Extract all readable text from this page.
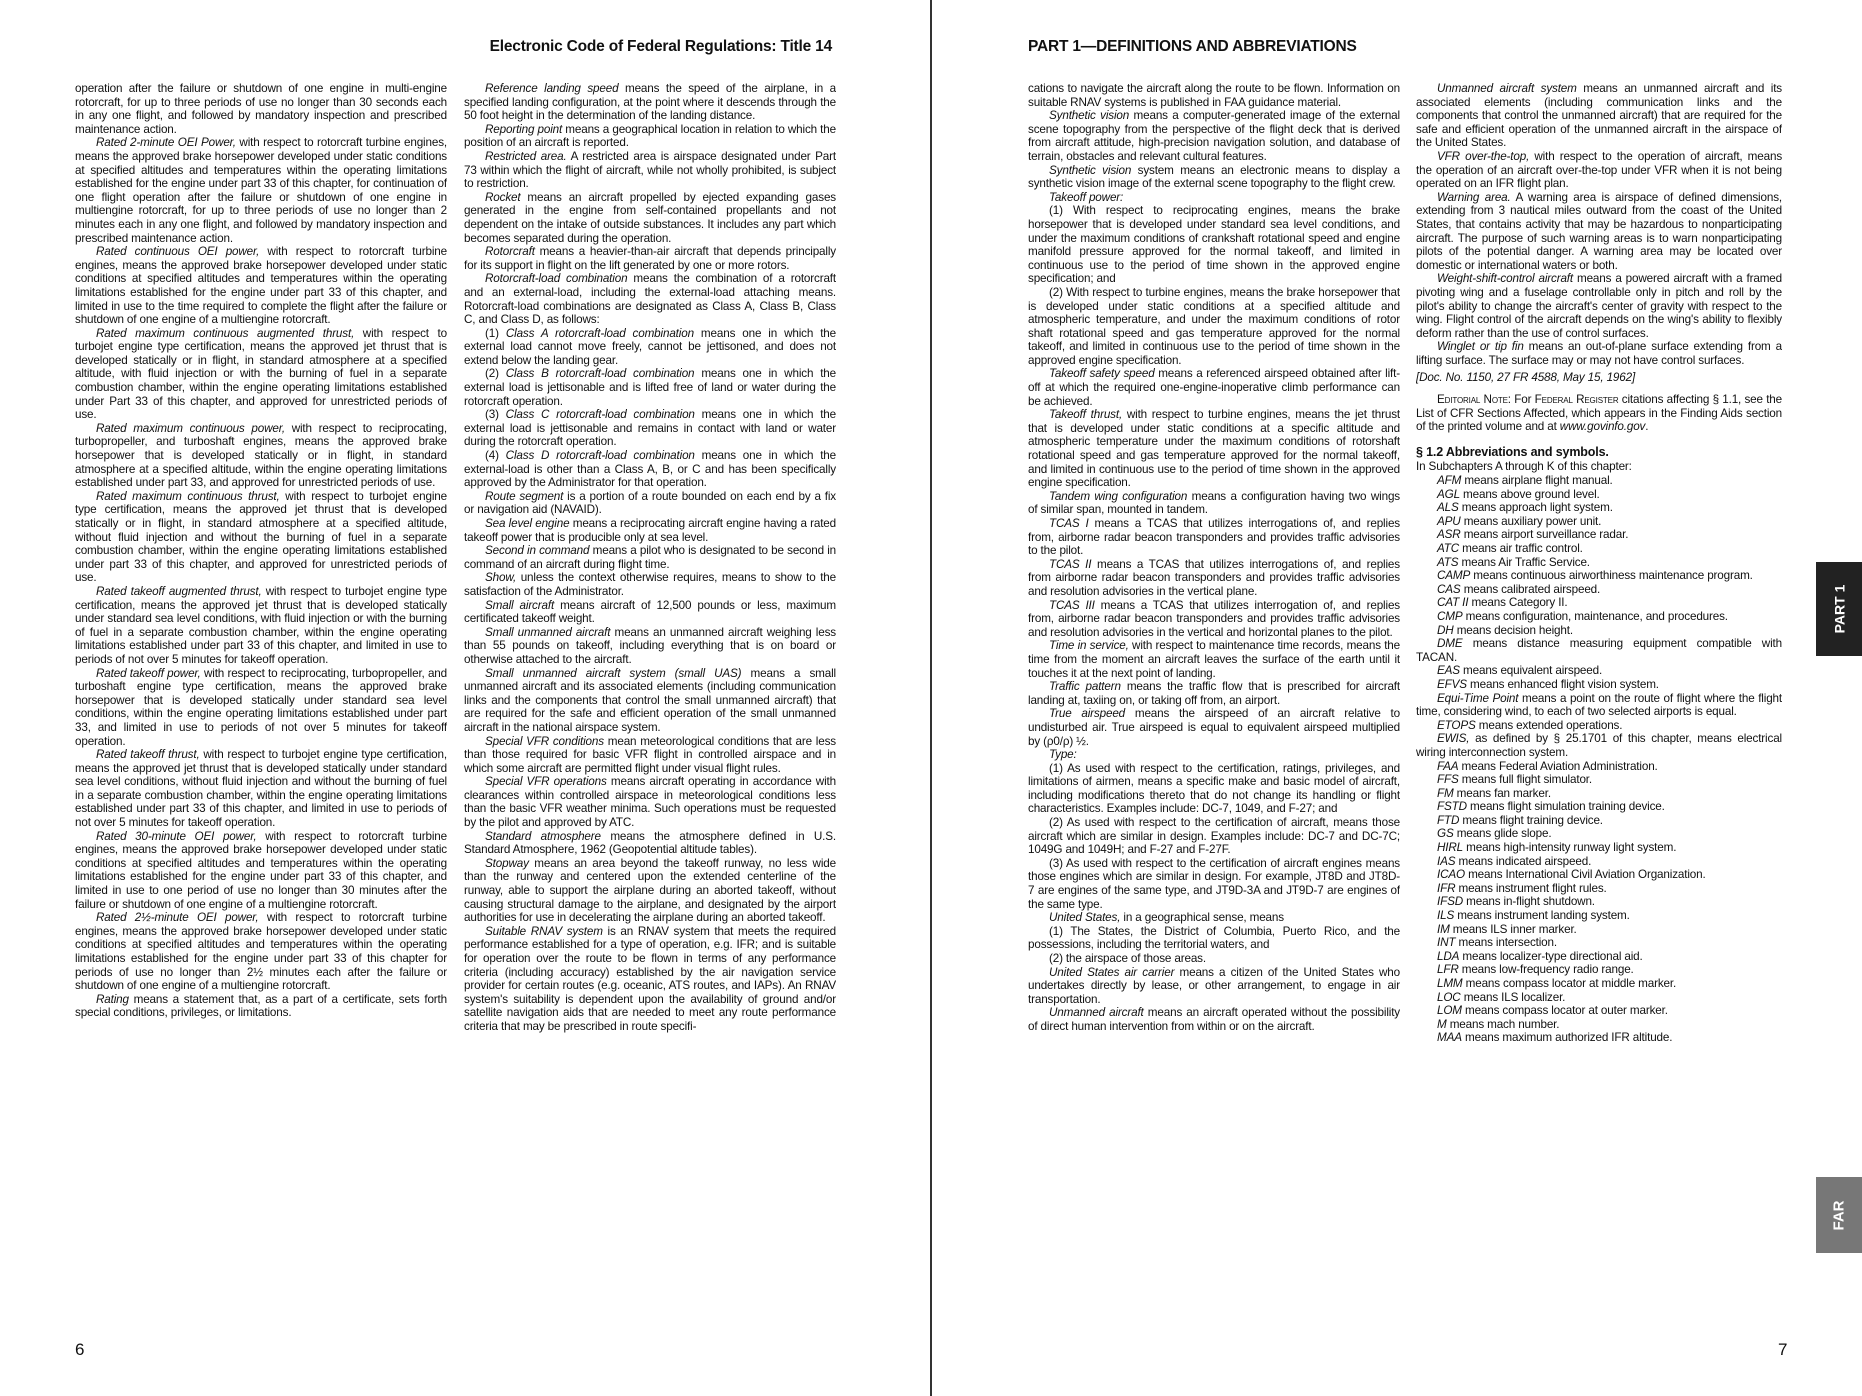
Electronic Code of Federal Regulations: Title 14

operation after the failure or shutdown of one engine in multi-engine rotorcraft, for up to three periods of use no longer than 30 seconds each in any one flight, and followed by mandatory inspection and prescribed maintenance action.

Rated 2-minute OEI Power, with respect to rotorcraft turbine engines, means the approved brake horsepower developed under static conditions at specified altitudes and temperatures within the operating limitations established for the engine under part 33 of this chapter, for continuation of one flight operation after the failure or shutdown of one engine in multiengine rotorcraft, for up to three periods of use no longer than 2 minutes each in any one flight, and followed by mandatory inspection and prescribed maintenance action.

Rated continuous OEI power, with respect to rotorcraft turbine engines, means the approved brake horsepower developed under static conditions at specified altitudes and temperatures within the operating limitations established for the engine under part 33 of this chapter, and limited in use to the time required to complete the flight after the failure or shutdown of one engine of a multiengine rotorcraft.

Rated maximum continuous augmented thrust, with respect to turbojet engine type certification, means the approved jet thrust that is developed statically or in flight, in standard atmosphere at a specified altitude, with fluid injection or with the burning of fuel in a separate combustion chamber, within the engine operating limitations established under Part 33 of this chapter, and approved for unrestricted periods of use.

Rated maximum continuous power, with respect to reciprocating, turbopropeller, and turboshaft engines, means the approved brake horsepower that is developed statically or in flight, in standard atmosphere at a specified altitude, within the engine operating limitations established under part 33, and approved for unrestricted periods of use.

Rated maximum continuous thrust, with respect to turbojet engine type certification, means the approved jet thrust that is developed statically or in flight, in standard atmosphere at a specified altitude, without fluid injection and without the burning of fuel in a separate combustion chamber, within the engine operating limitations established under part 33 of this chapter, and approved for unrestricted periods of use.

Rated takeoff augmented thrust, with respect to turbojet engine type certification, means the approved jet thrust that is developed statically under standard sea level conditions, with fluid injection or with the burning of fuel in a separate combustion chamber, within the engine operating limitations established under part 33 of this chapter, and limited in use to periods of not over 5 minutes for takeoff operation.

Rated takeoff power, with respect to reciprocating, turbopropeller, and turboshaft engine type certification, means the approved brake horsepower that is developed statically under standard sea level conditions, within the engine operating limitations established under part 33, and limited in use to periods of not over 5 minutes for takeoff operation.

Rated takeoff thrust, with respect to turbojet engine type certification, means the approved jet thrust that is developed statically under standard sea level conditions, without fluid injection and without the burning of fuel in a separate combustion chamber, within the engine operating limitations established under part 33 of this chapter, and limited in use to periods of not over 5 minutes for takeoff operation.

Rated 30-minute OEI power, with respect to rotorcraft turbine engines, means the approved brake horsepower developed under static conditions at specified altitudes and temperatures within the operating limitations established for the engine under part 33 of this chapter, and limited in use to one period of use no longer than 30 minutes after the failure or shutdown of one engine of a multiengine rotorcraft.

Rated 2½-minute OEI power, with respect to rotorcraft turbine engines, means the approved brake horsepower developed under static conditions at specified altitudes and temperatures within the operating limitations established for the engine under part 33 of this chapter for periods of use no longer than 2½ minutes each after the failure or shutdown of one engine of a multiengine rotorcraft.

Rating means a statement that, as a part of a certificate, sets forth special conditions, privileges, or limitations.

Reference landing speed means the speed of the airplane, in a specified landing configuration, at the point where it descends through the 50 foot height in the determination of the landing distance.

Reporting point means a geographical location in relation to which the position of an aircraft is reported.

Restricted area. A restricted area is airspace designated under Part 73 within which the flight of aircraft, while not wholly prohibited, is subject to restriction.

Rocket means an aircraft propelled by ejected expanding gases generated in the engine from self-contained propellants and not dependent on the intake of outside substances. It includes any part which becomes separated during the operation.

Rotorcraft means a heavier-than-air aircraft that depends principally for its support in flight on the lift generated by one or more rotors.

Rotorcraft-load combination means the combination of a rotorcraft and an external-load, including the external-load attaching means. Rotorcraft-load combinations are designated as Class A, Class B, Class C, and Class D, as follows:

(1) Class A rotorcraft-load combination means one in which the external load cannot move freely, cannot be jettisoned, and does not extend below the landing gear.

(2) Class B rotorcraft-load combination means one in which the external load is jettisonable and is lifted free of land or water during the rotorcraft operation.

(3) Class C rotorcraft-load combination means one in which the external load is jettisonable and remains in contact with land or water during the rotorcraft operation.

(4) Class D rotorcraft-load combination means one in which the external-load is other than a Class A, B, or C and has been specifically approved by the Administrator for that operation.

Route segment is a portion of a route bounded on each end by a fix or navigation aid (NAVAID).

Sea level engine means a reciprocating aircraft engine having a rated takeoff power that is producible only at sea level.

Second in command means a pilot who is designated to be second in command of an aircraft during flight time.

Show, unless the context otherwise requires, means to show to the satisfaction of the Administrator.

Small aircraft means aircraft of 12,500 pounds or less, maximum certificated takeoff weight.

Small unmanned aircraft means an unmanned aircraft weighing less than 55 pounds on takeoff, including everything that is on board or otherwise attached to the aircraft.

Small unmanned aircraft system (small UAS) means a small unmanned aircraft and its associated elements (including communication links and the components that control the small unmanned aircraft) that are required for the safe and efficient operation of the small unmanned aircraft in the national airspace system.

Special VFR conditions mean meteorological conditions that are less than those required for basic VFR flight in controlled airspace and in which some aircraft are permitted flight under visual flight rules.

Special VFR operations means aircraft operating in accordance with clearances within controlled airspace in meteorological conditions less than the basic VFR weather minima. Such operations must be requested by the pilot and approved by ATC.

Standard atmosphere means the atmosphere defined in U.S. Standard Atmosphere, 1962 (Geopotential altitude tables).

Stopway means an area beyond the takeoff runway, no less wide than the runway and centered upon the extended centerline of the runway, able to support the airplane during an aborted takeoff, without causing structural damage to the airplane, and designated by the airport authorities for use in decelerating the airplane during an aborted takeoff.

Suitable RNAV system is an RNAV system that meets the required performance established for a type of operation, e.g. IFR; and is suitable for operation over the route to be flown in terms of any performance criteria (including accuracy) established by the air navigation service provider for certain routes (e.g. oceanic, ATS routes, and IAPs). An RNAV system's suitability is dependent upon the availability of ground and/or satellite navigation aids that are needed to meet any route performance criteria that may be prescribed in route specifi-

6
PART 1—DEFINITIONS AND ABBREVIATIONS

cations to navigate the aircraft along the route to be flown. Information on suitable RNAV systems is published in FAA guidance material.

Synthetic vision means a computer-generated image of the external scene topography from the perspective of the flight deck that is derived from aircraft attitude, high-precision navigation solution, and database of terrain, obstacles and relevant cultural features.

Synthetic vision system means an electronic means to display a synthetic vision image of the external scene topography to the flight crew.

Takeoff power:

(1) With respect to reciprocating engines, means the brake horsepower that is developed under standard sea level conditions, and under the maximum conditions of crankshaft rotational speed and engine manifold pressure approved for the normal takeoff, and limited in continuous use to the period of time shown in the approved engine specification; and

(2) With respect to turbine engines, means the brake horsepower that is developed under static conditions at a specified altitude and atmospheric temperature, and under the maximum conditions of rotor shaft rotational speed and gas temperature approved for the normal takeoff, and limited in continuous use to the period of time shown in the approved engine specification.

Takeoff safety speed means a referenced airspeed obtained after lift-off at which the required one-engine-inoperative climb performance can be achieved.

Takeoff thrust, with respect to turbine engines, means the jet thrust that is developed under static conditions at a specific altitude and atmospheric temperature under the maximum conditions of rotorshaft rotational speed and gas temperature approved for the normal takeoff, and limited in continuous use to the period of time shown in the approved engine specification.

Tandem wing configuration means a configuration having two wings of similar span, mounted in tandem.

TCAS I means a TCAS that utilizes interrogations of, and replies from, airborne radar beacon transponders and provides traffic advisories to the pilot.

TCAS II means a TCAS that utilizes interrogations of, and replies from airborne radar beacon transponders and provides traffic advisories and resolution advisories in the vertical plane.

TCAS III means a TCAS that utilizes interrogation of, and replies from, airborne radar beacon transponders and provides traffic advisories and resolution advisories in the vertical and horizontal planes to the pilot.

Time in service, with respect to maintenance time records, means the time from the moment an aircraft leaves the surface of the earth until it touches it at the next point of landing.

Traffic pattern means the traffic flow that is prescribed for aircraft landing at, taxiing on, or taking off from, an airport.

True airspeed means the airspeed of an aircraft relative to undisturbed air. True airspeed is equal to equivalent airspeed multiplied by (ρ0/ρ) ½.

Type:

(1) As used with respect to the certification, ratings, privileges, and limitations of airmen, means a specific make and basic model of aircraft, including modifications thereto that do not change its handling or flight characteristics. Examples include: DC-7, 1049, and F-27; and

(2) As used with respect to the certification of aircraft, means those aircraft which are similar in design. Examples include: DC-7 and DC-7C; 1049G and 1049H; and F-27 and F-27F.

(3) As used with respect to the certification of aircraft engines means those engines which are similar in design. For example, JT8D and JT8D-7 are engines of the same type, and JT9D-3A and JT9D-7 are engines of the same type.

United States, in a geographical sense, means

(1) The States, the District of Columbia, Puerto Rico, and the possessions, including the territorial waters, and

(2) the airspace of those areas.

United States air carrier means a citizen of the United States who undertakes directly by lease, or other arrangement, to engage in air transportation.

Unmanned aircraft means an aircraft operated without the possibility of direct human intervention from within or on the aircraft.

Unmanned aircraft system means an unmanned aircraft and its associated elements (including communication links and the components that control the unmanned aircraft) that are required for the safe and efficient operation of the unmanned aircraft in the airspace of the United States.

VFR over-the-top, with respect to the operation of aircraft, means the operation of an aircraft over-the-top under VFR when it is not being operated on an IFR flight plan.

Warning area. A warning area is airspace of defined dimensions, extending from 3 nautical miles outward from the coast of the United States, that contains activity that may be hazardous to nonparticipating aircraft. The purpose of such warning areas is to warn nonparticipating pilots of the potential danger. A warning area may be located over domestic or international waters or both.

Weight-shift-control aircraft means a powered aircraft with a framed pivoting wing and a fuselage controllable only in pitch and roll by the pilot's ability to change the aircraft's center of gravity with respect to the wing. Flight control of the aircraft depends on the wing's ability to flexibly deform rather than the use of control surfaces.

Winglet or tip fin means an out-of-plane surface extending from a lifting surface. The surface may or may not have control surfaces.

[Doc. No. 1150, 27 FR 4588, May 15, 1962]

Editorial Note: For Federal Register citations affecting § 1.1, see the List of CFR Sections Affected, which appears in the Finding Aids section of the printed volume and at www.govinfo.gov.

§ 1.2 Abbreviations and symbols.

In Subchapters A through K of this chapter:

AFM means airplane flight manual.

AGL means above ground level.

ALS means approach light system.

APU means auxiliary power unit.

ASR means airport surveillance radar.

ATC means air traffic control.

ATS means Air Traffic Service.

CAMP means continuous airworthiness maintenance program.

CAS means calibrated airspeed.

CAT II means Category II.

CMP means configuration, maintenance, and procedures.

DH means decision height.

DME means distance measuring equipment compatible with TACAN.

EAS means equivalent airspeed.

EFVS means enhanced flight vision system.

Equi-Time Point means a point on the route of flight where the flight time, considering wind, to each of two selected airports is equal.

ETOPS means extended operations.

EWIS, as defined by § 25.1701 of this chapter, means electrical wiring interconnection system.

FAA means Federal Aviation Administration.

FFS means full flight simulator.

FM means fan marker.

FSTD means flight simulation training device.

FTD means flight training device.

GS means glide slope.

HIRL means high-intensity runway light system.

IAS means indicated airspeed.

ICAO means International Civil Aviation Organization.

IFR means instrument flight rules.

IFSD means in-flight shutdown.

ILS means instrument landing system.

IM means ILS inner marker.

INT means intersection.

LDA means localizer-type directional aid.

LFR means low-frequency radio range.

LMM means compass locator at middle marker.

LOC means ILS localizer.

LOM means compass locator at outer marker.

M means mach number.

MAA means maximum authorized IFR altitude.

PART 1
FAR
7
